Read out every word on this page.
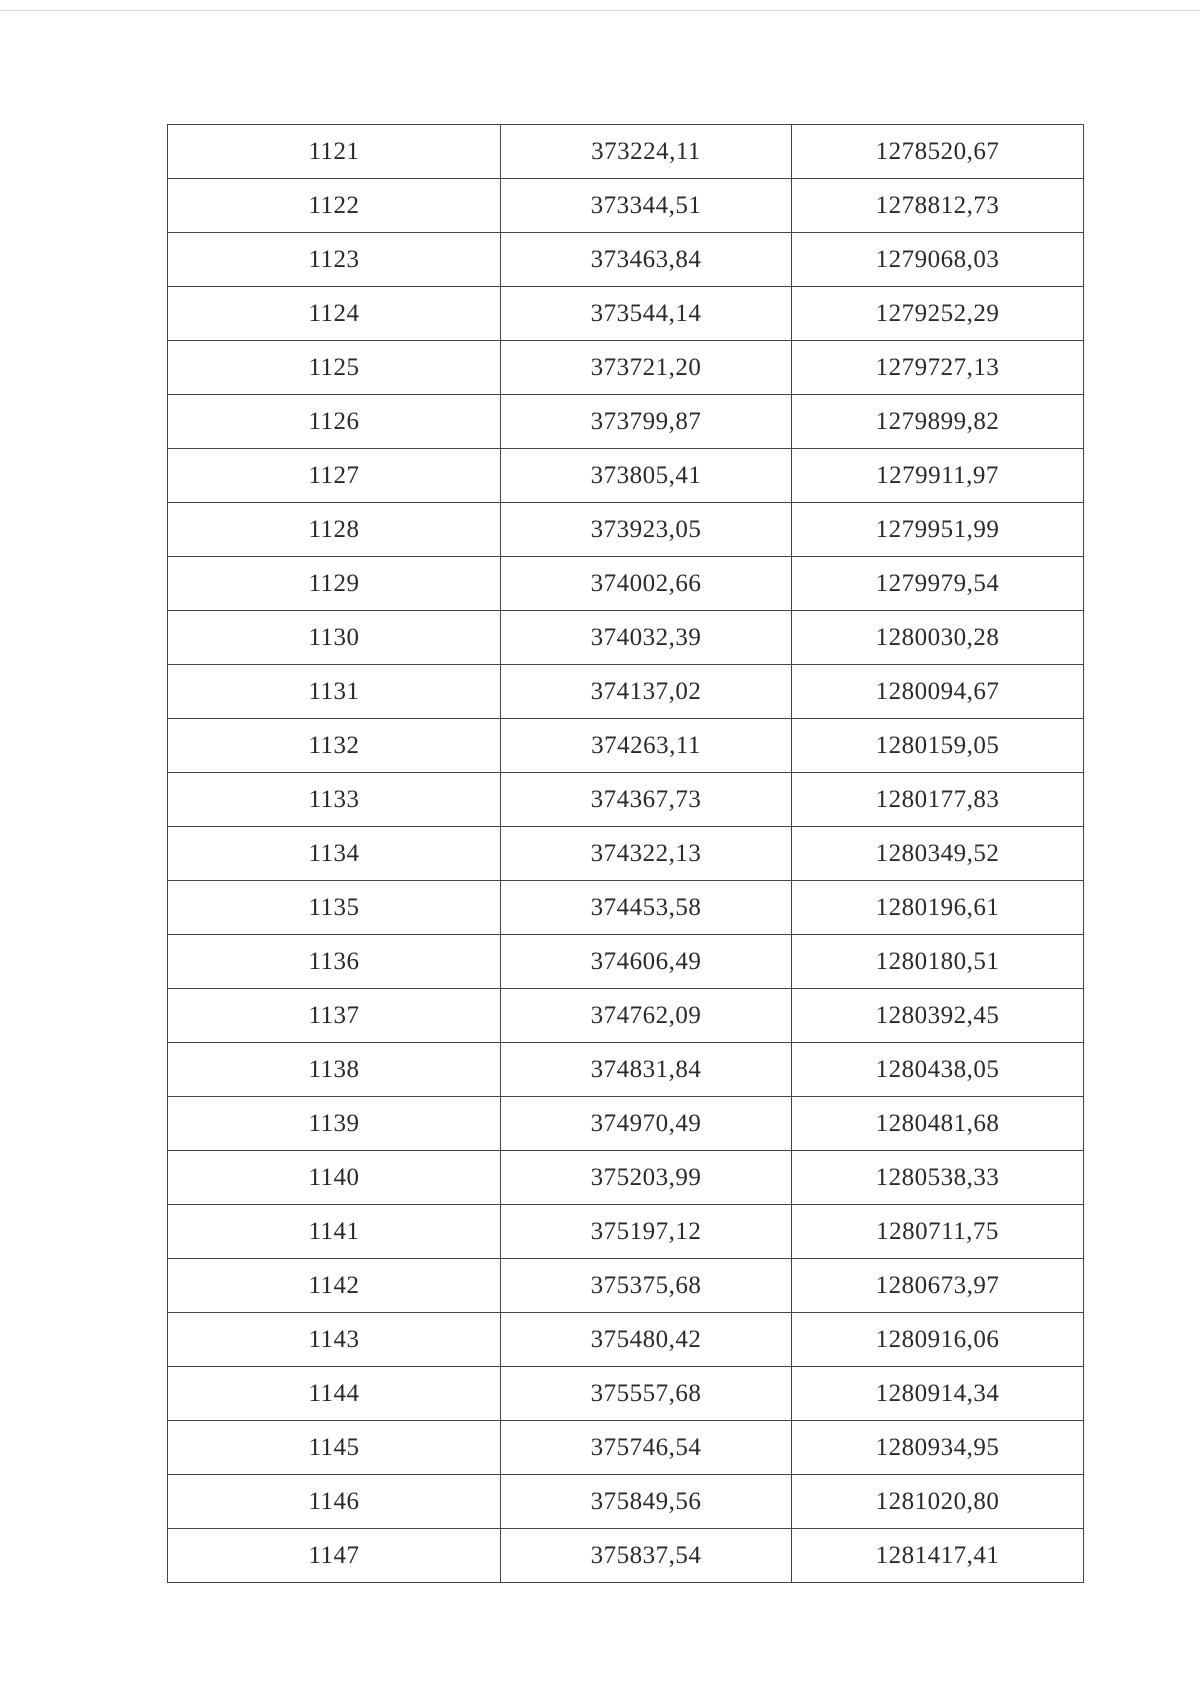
1121	373224,11	1278520,67
1122	373344,51	1278812,73
1123	373463,84	1279068,03
1124	373544,14	1279252,29
1125	373721,20	1279727,13
1126	373799,87	1279899,82
1127	373805,41	1279911,97
1128	373923,05	1279951,99
1129	374002,66	1279979,54
1130	374032,39	1280030,28
1131	374137,02	1280094,67
1132	374263,11	1280159,05
1133	374367,73	1280177,83
1134	374322,13	1280349,52
1135	374453,58	1280196,61
1136	374606,49	1280180,51
1137	374762,09	1280392,45
1138	374831,84	1280438,05
1139	374970,49	1280481,68
1140	375203,99	1280538,33
1141	375197,12	1280711,75
1142	375375,68	1280673,97
1143	375480,42	1280916,06
1144	375557,68	1280914,34
1145	375746,54	1280934,95
1146	375849,56	1281020,80
1147	375837,54	1281417,41
